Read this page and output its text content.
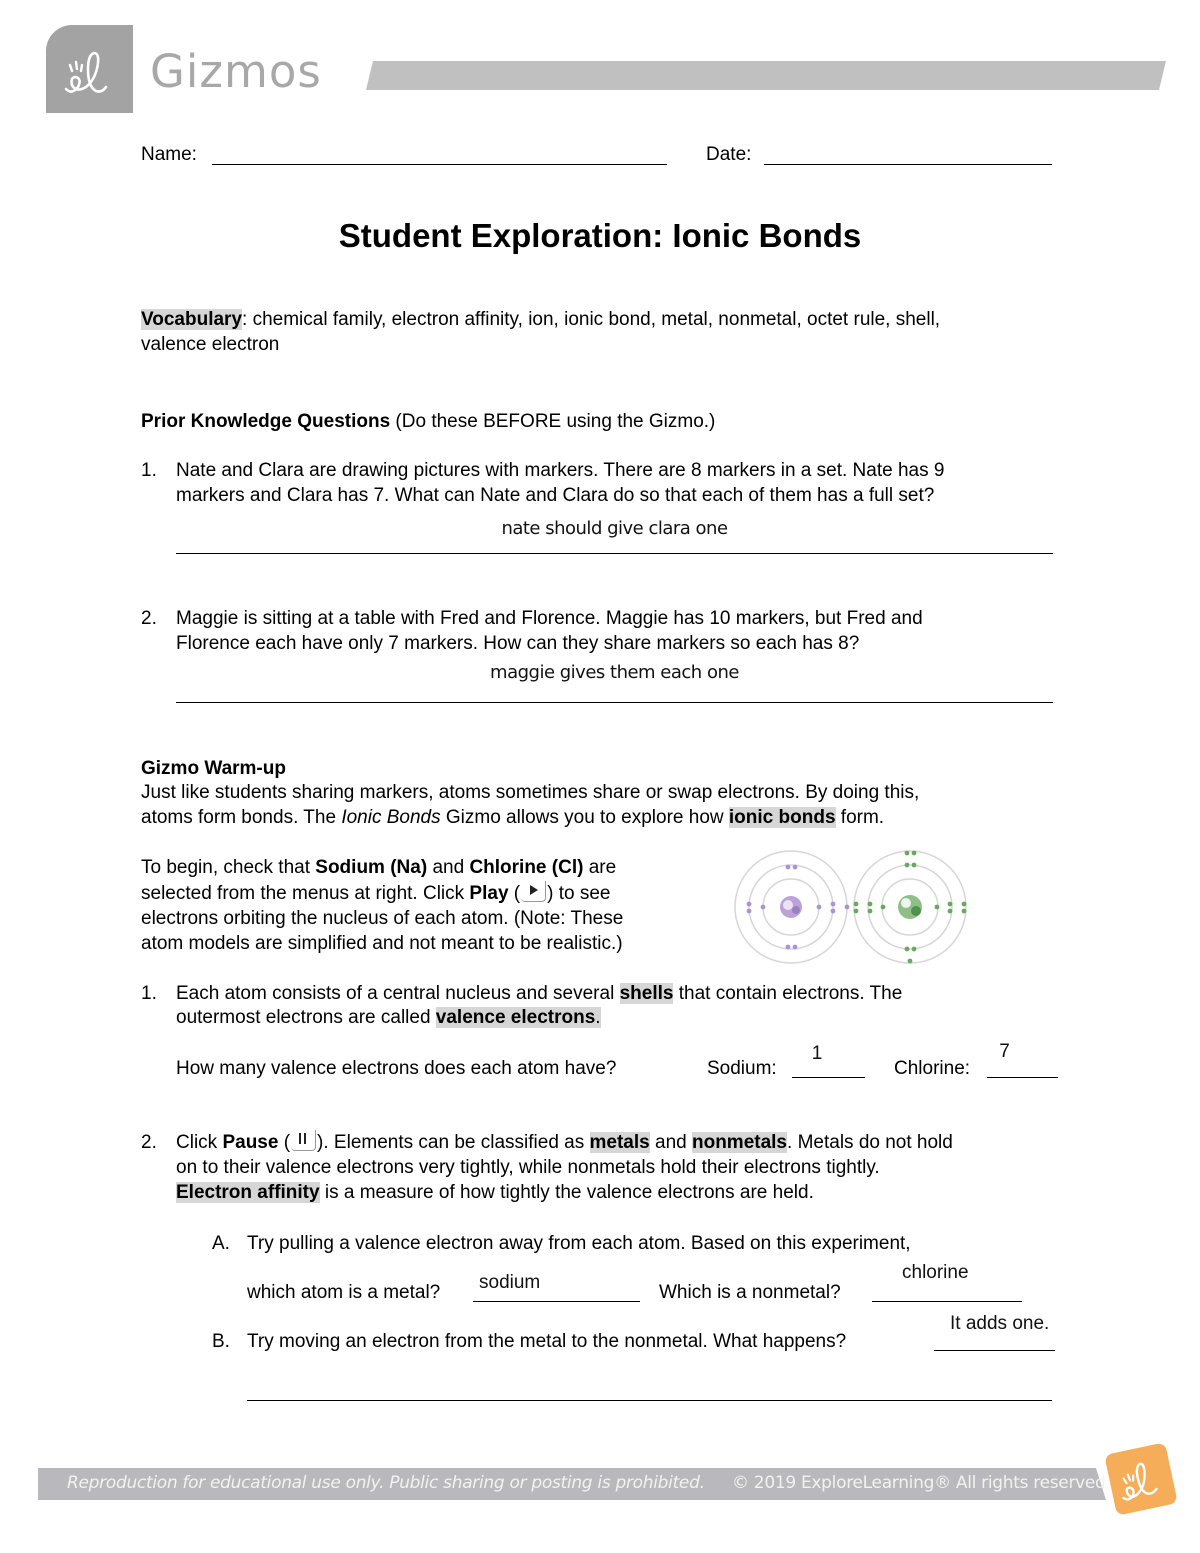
Gizmos
Name:	Date:
Student Exploration: Ionic Bonds
Vocabulary: chemical family, electron affinity, ion, ionic bond, metal, nonmetal, octet rule, shell,
valence electron
Prior Knowledge Questions (Do these BEFORE using the Gizmo.)
1. Nate and Clara are drawing pictures with markers. There are 8 markers in a set. Nate has 9
markers and Clara has 7. What can Nate and Clara do so that each of them has a full set?
nate should give clara one
2. Maggie is sitting at a table with Fred and Florence. Maggie has 10 markers, but Fred and
Florence each have only 7 markers. How can they share markers so each has 8?
maggie gives them each one
Gizmo Warm-up
Just like students sharing markers, atoms sometimes share or swap electrons. By doing this,
atoms form bonds. The Ionic Bonds Gizmo allows you to explore how ionic bonds form.
To begin, check that Sodium (Na) and Chlorine (Cl) are
selected from the menus at right. Click Play ( ) to see
electrons orbiting the nucleus of each atom. (Note: These
atom models are simplified and not meant to be realistic.)
1. Each atom consists of a central nucleus and several shells that contain electrons. The
outermost electrons are called valence electrons.
How many valence electrons does each atom have?	Sodium:
1
Chlorine:
7
2. Click Pause ( ). Elements can be classified as metals and nonmetals. Metals do not hold
on to their valence electrons very tightly, while nonmetals hold their electrons tightly.
Electron affinity is a measure of how tightly the valence electrons are held.
A. Try pulling a valence electron away from each atom. Based on this experiment,
which atom is a metal? sodium	Which is a nonmetal?
chlorine
B. Try moving an electron from the metal to the nonmetal. What happens?
It adds one.
Reproduction for educational use only. Public sharing or posting is prohibited. © 2019 ExploreLearning® All rights reserved
